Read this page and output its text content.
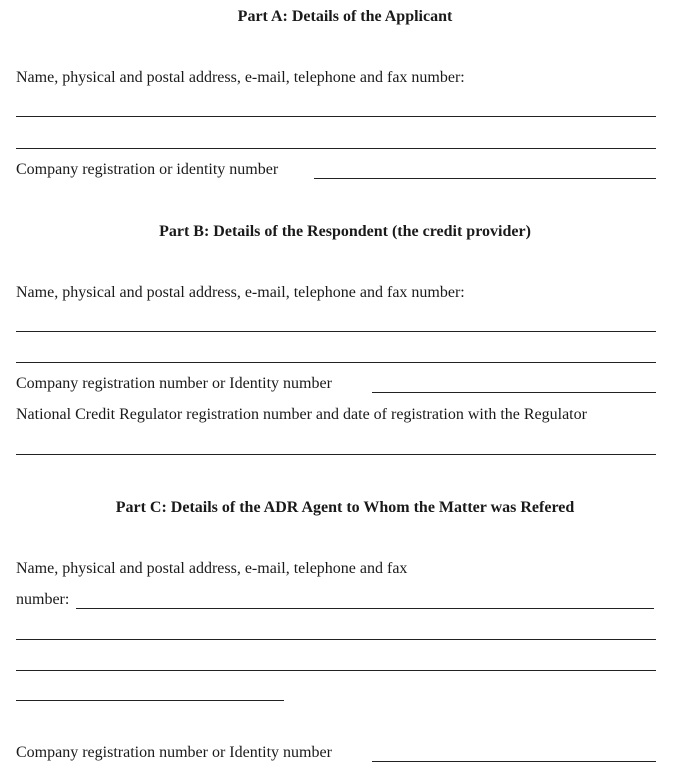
Part A: Details of the Applicant
Name, physical and postal address, e-mail, telephone and fax number:
Company registration or identity number
Part B: Details of the Respondent (the credit provider)
Name, physical and postal address, e-mail, telephone and fax number:
Company registration number or Identity number
National Credit Regulator registration number and date of registration with the Regulator
Part C: Details of the ADR Agent to Whom the Matter was Refered
Name, physical and postal address, e-mail, telephone and fax
number:
Company registration number or Identity number
